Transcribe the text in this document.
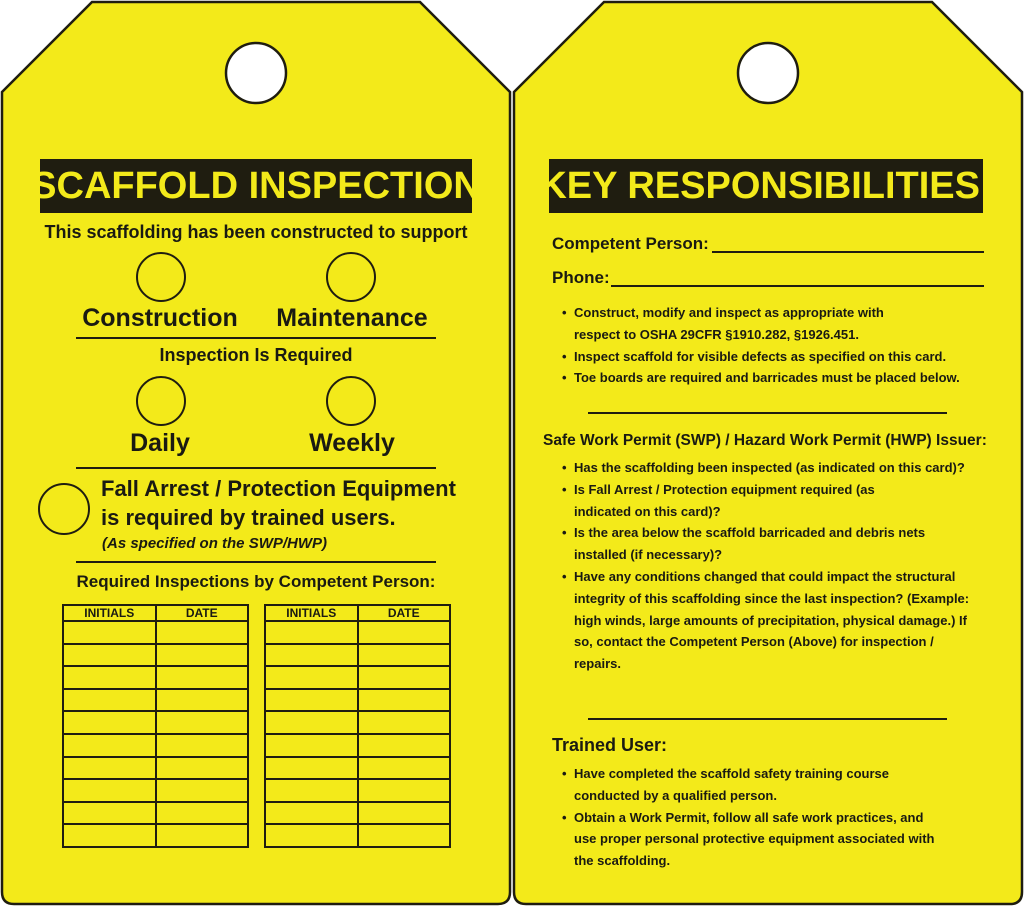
SCAFFOLD INSPECTION
This scaffolding has been constructed to support
Construction	Maintenance
Inspection Is Required
Daily	Weekly
Fall Arrest / Protection Equipment
is required by trained users.
(As specified on the SWP/HWP)
Required Inspections by Competent Person:
INITIALS	DATE

		INITIALS	DATE

KEY RESPONSIBILITIES:
Competent Person:
Phone:
• Construct, modify and inspect as appropriate with respect to OSHA 29CFR §1910.282, §1926.451.
• Inspect scaffold for visible defects as specified on this card.
• Toe boards are required and barricades must be placed below.
Safe Work Permit (SWP) / Hazard Work Permit (HWP) Issuer:
• Has the scaffolding been inspected (as indicated on this card)?
• Is Fall Arrest / Protection equipment required (as indicated on this card)?
• Is the area below the scaffold barricaded and debris nets installed (if necessary)?
• Have any conditions changed that could impact the structural integrity of this scaffolding since the last inspection? (Example: high winds, large amounts of precipitation, physical damage.) If so, contact the Competent Person (Above) for inspection / repairs.
Trained User:
• Have completed the scaffold safety training course conducted by a qualified person.
• Obtain a Work Permit, follow all safe work practices, and use proper personal protective equipment associated with the scaffolding.
